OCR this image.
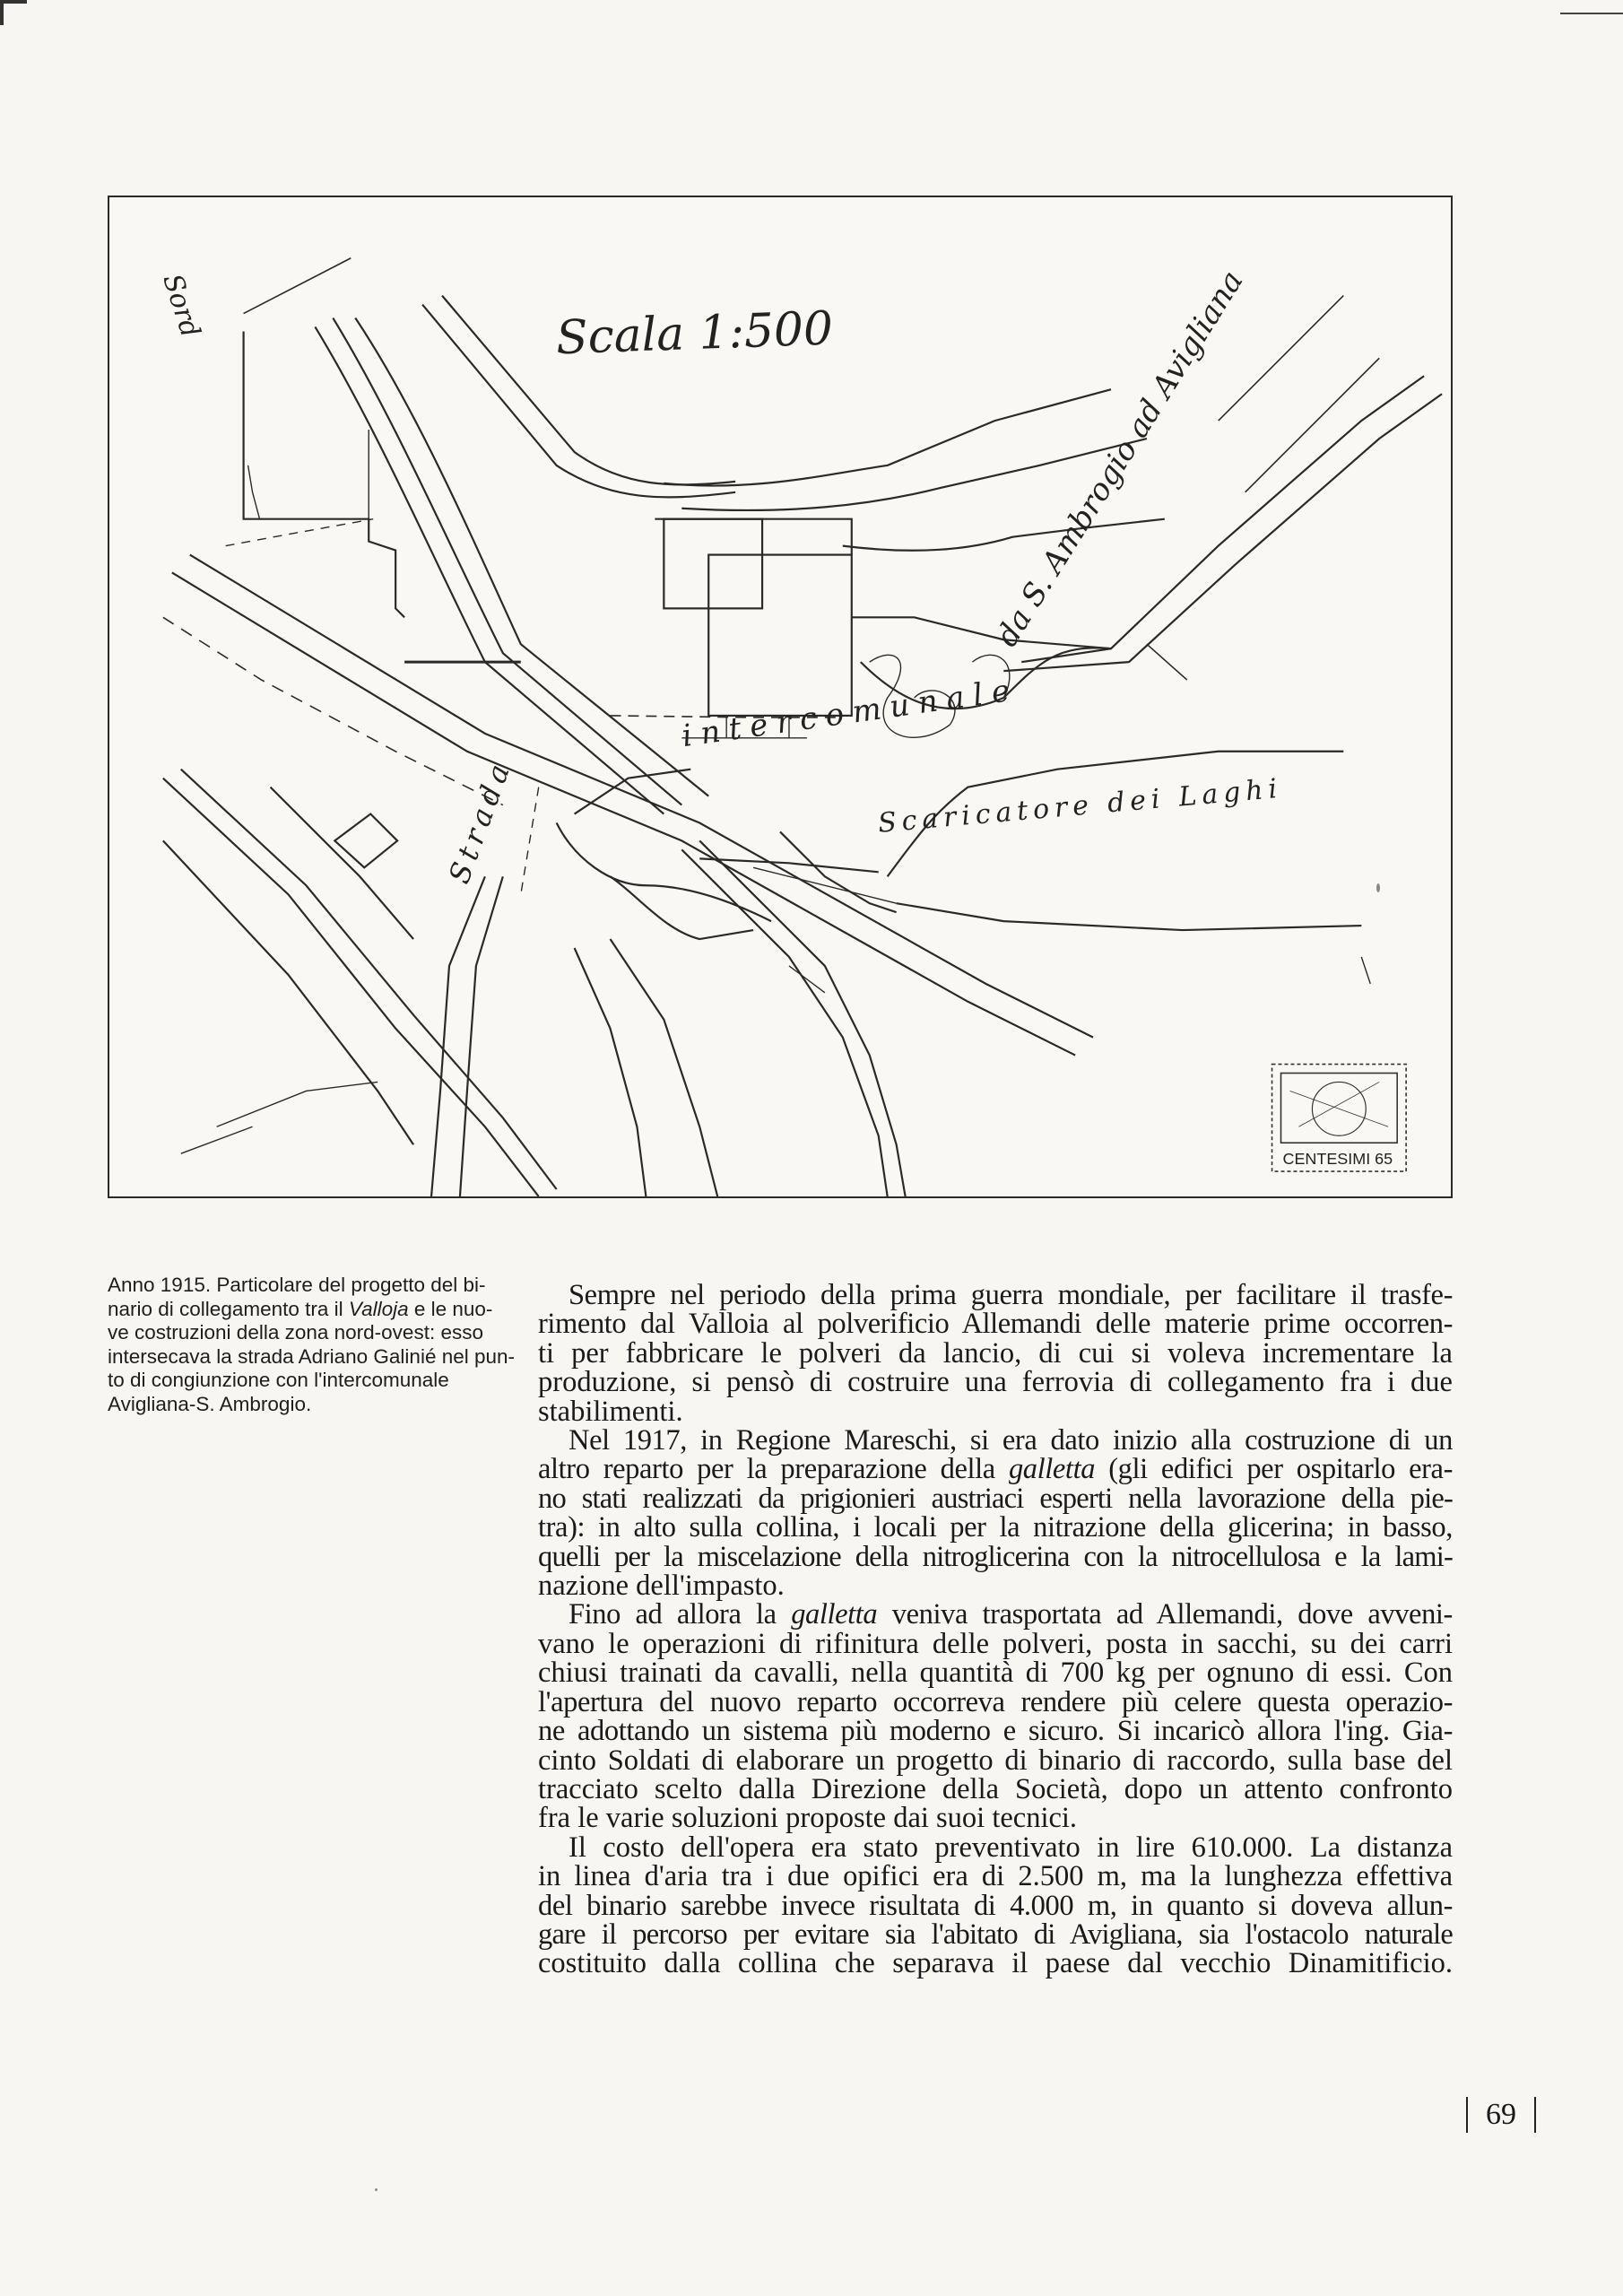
Scala 1:500
Sord
intercomunale
da S. Ambrogio ad Avigliana
Scaricatore dei Laghi
Strada
CENTESIMI 65
Anno 1915. Particolare del progetto del bi-
nario di collegamento tra il Valloja e le nuo-
ve costruzioni della zona nord-ovest: esso
intersecava la strada Adriano Galinié nel pun-
to di congiunzione con l'intercomunale
Avigliana-S. Ambrogio.

Sempre nel periodo della prima guerra mondiale, per facilitare il trasfe-
rimento dal Valloia al polverificio Allemandi delle materie prime occorren-
ti per fabbricare le polveri da lancio, di cui si voleva incrementare la
produzione, si pensò di costruire una ferrovia di collegamento fra i due
stabilimenti.

Nel 1917, in Regione Mareschi, si era dato inizio alla costruzione di un
altro reparto per la preparazione della galletta (gli edifici per ospitarlo era-
no stati realizzati da prigionieri austriaci esperti nella lavorazione della pie-
tra): in alto sulla collina, i locali per la nitrazione della glicerina; in basso,
quelli per la miscelazione della nitroglicerina con la nitrocellulosa e la lami-
nazione dell'impasto.

Fino ad allora la galletta veniva trasportata ad Allemandi, dove avveni-
vano le operazioni di rifinitura delle polveri, posta in sacchi, su dei carri
chiusi trainati da cavalli, nella quantità di 700 kg per ognuno di essi. Con
l'apertura del nuovo reparto occorreva rendere più celere questa operazio-
ne adottando un sistema più moderno e sicuro. Si incaricò allora l'ing. Gia-
cinto Soldati di elaborare un progetto di binario di raccordo, sulla base del
tracciato scelto dalla Direzione della Società, dopo un attento confronto
fra le varie soluzioni proposte dai suoi tecnici.

Il costo dell'opera era stato preventivato in lire 610.000. La distanza
in linea d'aria tra i due opifici era di 2.500 m, ma la lunghezza effettiva
del binario sarebbe invece risultata di 4.000 m, in quanto si doveva allun-
gare il percorso per evitare sia l'abitato di Avigliana, sia l'ostacolo naturale
costituito dalla collina che separava il paese dal vecchio Dinamitificio.

69
